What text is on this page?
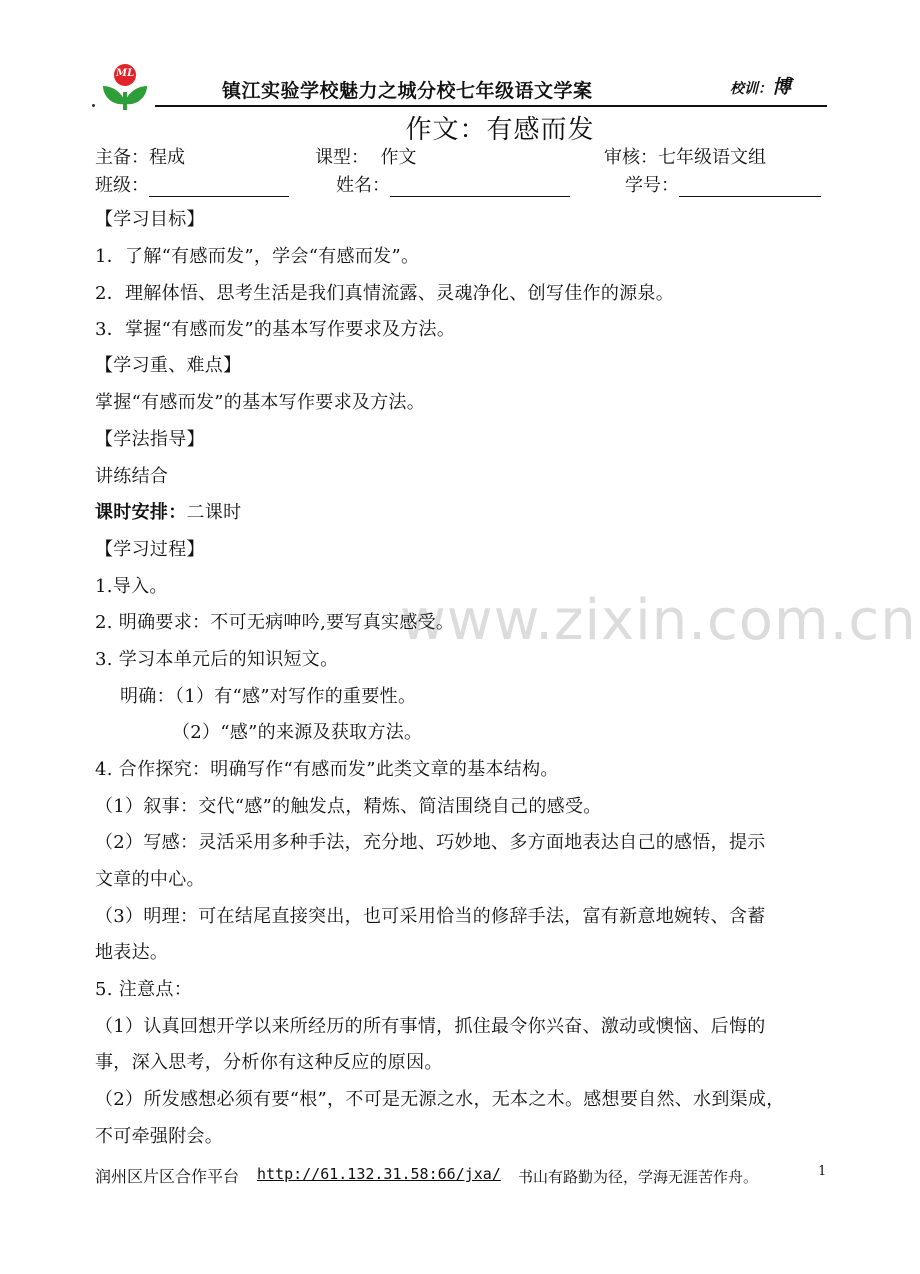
ML
镇江实验学校魅力之城分校七年级语文学案	校训：博
作文：有感而发
主备：程成	课型：  作文	审核：七年级语文组
班级：	姓名：	学号：
www.zixin.com.cn
【学习目标】
1．了解“有感而发”，学会“有感而发”。
2．理解体悟、思考生活是我们真情流露、灵魂净化、创写佳作的源泉。
3．掌握“有感而发”的基本写作要求及方法。
【学习重、难点】
掌握“有感而发”的基本写作要求及方法。
【学法指导】
讲练结合
课时安排：二课时
【学习过程】
1.导入。
2. 明确要求：不可无病呻吟,要写真实感受。
3. 学习本单元后的知识短文。
明确：（1）有“感”对写作的重要性。
（2）“感”的来源及获取方法。
4. 合作探究：明确写作“有感而发”此类文章的基本结构。
（1）叙事：交代“感”的触发点，精炼、简洁围绕自己的感受。
（2）写感：灵活采用多种手法，充分地、巧妙地、多方面地表达自己的感悟，提示
文章的中心。
（3）明理：可在结尾直接突出，也可采用恰当的修辞手法，富有新意地婉转、含蓄
地表达。
5. 注意点：
（1）认真回想开学以来所经历的所有事情，抓住最令你兴奋、激动或懊恼、后悔的
事，深入思考，分析你有这种反应的原因。
（2）所发感想必须有要“根”，不可是无源之水，无本之木。感想要自然、水到渠成，
不可牵强附会。
润州区片区合作平台 http://61.132.31.58:66/jxa/ 书山有路勤为径，学海无涯苦作舟。	1
